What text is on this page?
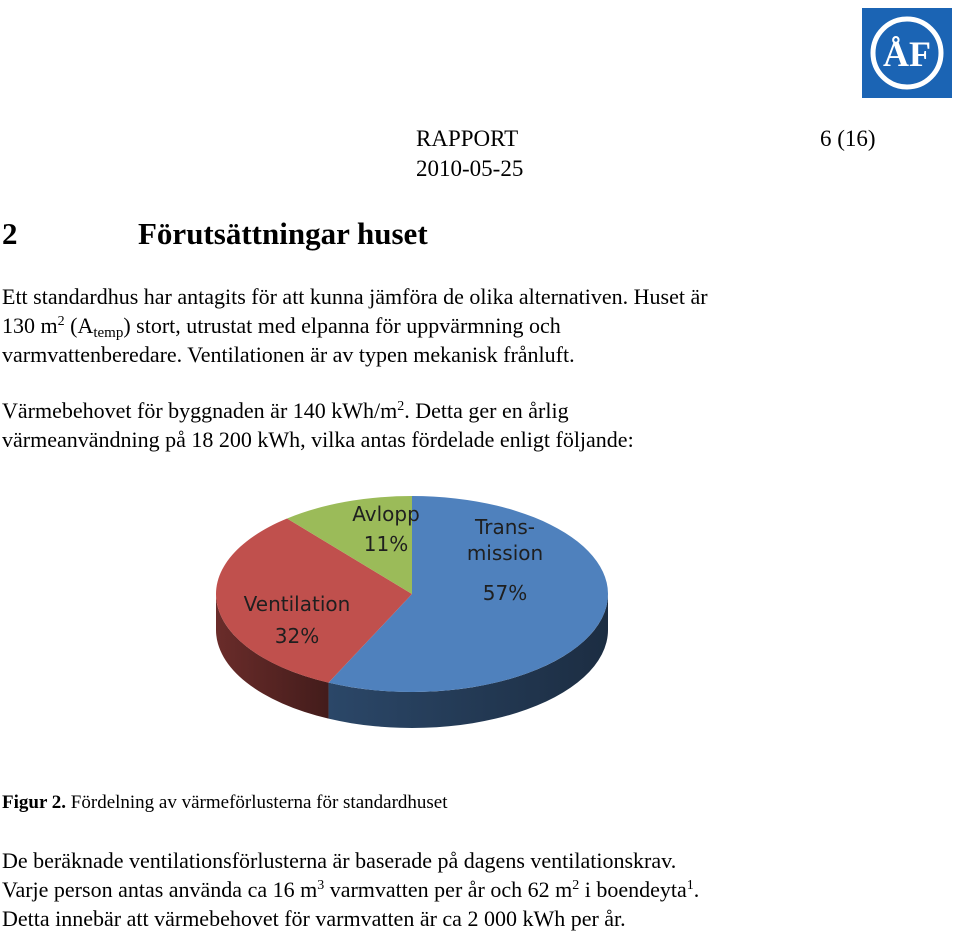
ÅF
RAPPORT
2010-05-25
6 (16)
2	Förutsättningar huset
Ett standardhus har antagits för att kunna jämföra de olika alternativen. Huset är
130 $m^2$ $(A_{temp})$ stort, utrustat med elpanna för uppvärmning och
varmvattenberedare. Ventilationen är av typen mekanisk frånluft.
Värmebehovet för byggnaden är 140 kWh/$m^2$. Detta ger en årlig
värmeanvändning på 18 200 kWh, vilka antas fördelade enligt följande:
Trans-
mission
57%
Ventilation
32%
Avlopp
11%
Figur 2. Fördelning av värmeförlusterna för standardhuset
De beräknade ventilationsförlusterna är baserade på dagens ventilationskrav.
Varje person antas använda ca 16 $m^3$ varmvatten per år och 62 $m^2$ i boendeyta$^1$.
Detta innebär att värmebehovet för varmvatten är ca 2 000 kWh per år.
